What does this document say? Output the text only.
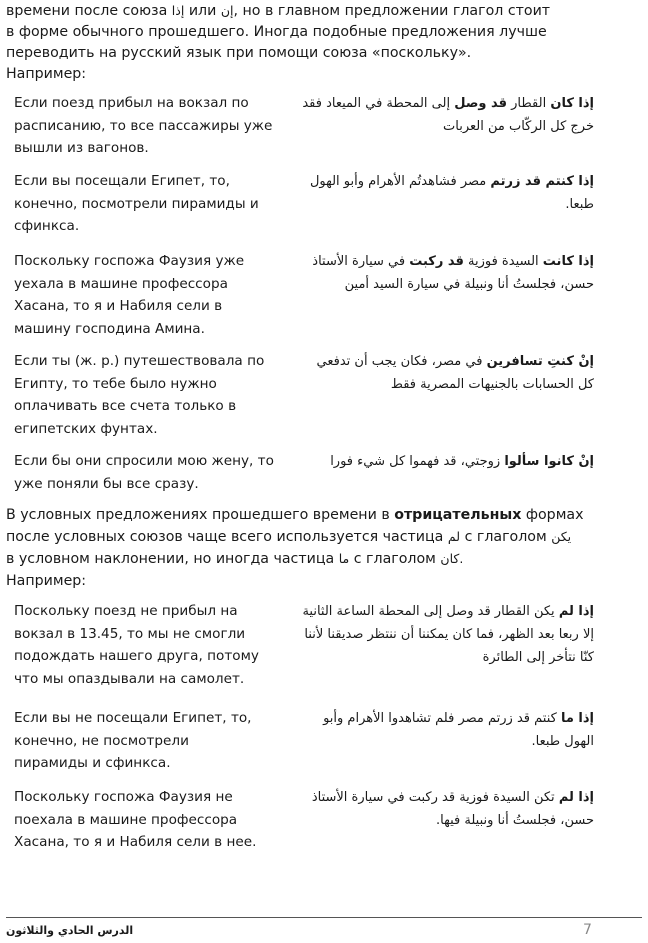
времени после союза إذا или إن, но в главном предложении глагол стоит
в форме обычного прошедшего. Иногда подобные предложения лучше
переводить на русский язык при помощи союза «поскольку».
Например:
Если поезд прибыл на вокзал по расписанию, то все пассажиры уже вышли из вагонов.
إذا كان القطار قد وصل إلى المحطة في الميعاد فقد خرج كل الركّاب من العربات
Если вы посещали Египет, то, конечно, посмотрели пирамиды и сфинкса.
إذا كنتم قد زرتم مصر فشاهدتُم الأهرام وأبو الهول طبعا.
Поскольку госпожа Фаузия уже уехала в машине профессора Хасана, то я и Набиля сели в машину господина Амина.
إذا كانت السيدة فوزية قد ركبت في سيارة الأستاذ حسن، فجلستُ أنا ونبيلة في سيارة السيد أمين
Если ты (ж. р.) путешествовала по Египту, то тебе было нужно оплачивать все счета только в египетских фунтах.
إنْ كنتِ تسافرين في مصر، فكان يجب أن تدفعي كل الحسابات بالجنيهات المصرية فقط
Если бы они спросили мою жену, то уже поняли бы все сразу.
إنْ كانوا سألوا زوجتي، قد فهموا كل شيء فورا
В условных предложениях прошедшего времени в отрицательных формах
после условных союзов чаще всего используется частица لم с глаголом يكن
в условном наклонении, но иногда частица ما с глаголом كان.
Например:
Поскольку поезд не прибыл на вокзал в 13.45, то мы не смогли подождать нашего друга, потому что мы опаздывали на самолет.
إذا لم يكن القطار قد وصل إلى المحطة الساعة الثانية إلا ربعا بعد الظهر، فما كان يمكننا أن ننتظر صديقنا لأننا كنّا نتأخر إلى الطائرة
Если вы не посещали Египет, то, конечно, не посмотрели пирамиды и сфинкса.
إذا ما كنتم قد زرتم مصر فلم تشاهدوا الأهرام وأبو الهول طبعا.
Поскольку госпожа Фаузия не поехала в машине профессора Хасана, то я и Набиля сели в нее.
إذا لم تكن السيدة فوزية قد ركبت في سيارة الأستاذ حسن، فجلستُ أنا ونبيلة فيها.
الدرس الحادي والثلاثون	7
